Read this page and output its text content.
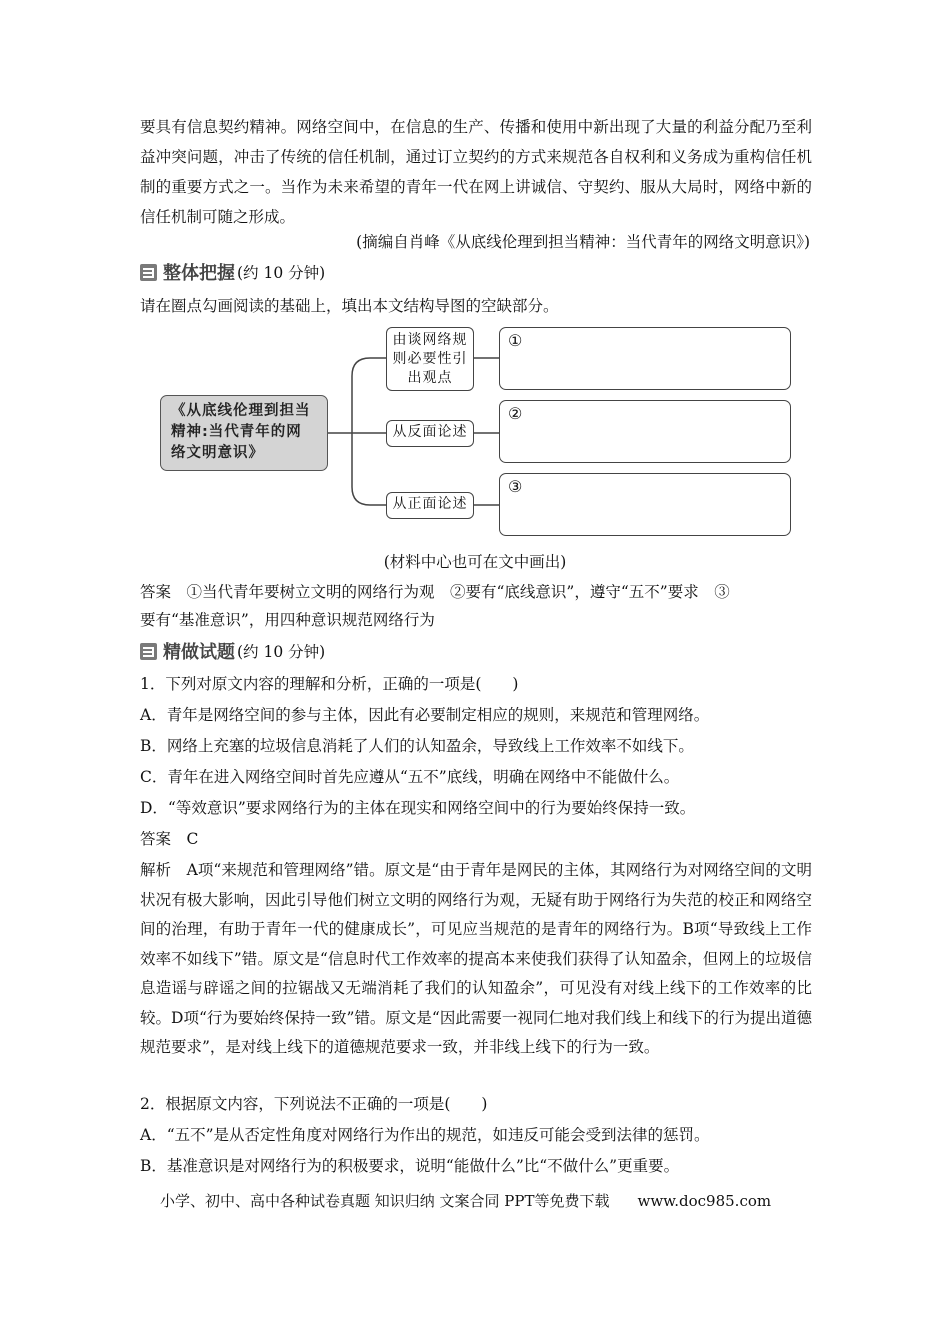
要具有信息契约精神。网络空间中，在信息的生产、传播和使用中新出现了大量的利益分配乃至利益冲突问题，冲击了传统的信任机制，通过订立契约的方式来规范各自权利和义务成为重构信任机制的重要方式之一。当作为未来希望的青年一代在网上讲诚信、守契约、服从大局时，网络中新的信任机制可随之形成。
(摘编自肖峰《从底线伦理到担当精神：当代青年的网络文明意识》)
整体把握 (约 10 分钟)
请在圈点勾画阅读的基础上，填出本文结构导图的空缺部分。
《从底线伦理到担当精神:当代青年的网络文明意识》
由谈网络规则必要性引出观点
从反面论述
从正面论述
①
②
③
(材料中心也可在文中画出)
答案　①当代青年要树立文明的网络行为观　②要有“底线意识”，遵守“五不”要求　③
要有“基准意识”，用四种意识规范网络行为
精做试题 (约 10 分钟)
1．下列对原文内容的理解和分析，正确的一项是(　　)
A．青年是网络空间的参与主体，因此有必要制定相应的规则，来规范和管理网络。
B．网络上充塞的垃圾信息消耗了人们的认知盈余，导致线上工作效率不如线下。
C．青年在进入网络空间时首先应遵从“五不”底线，明确在网络中不能做什么。
D．“等效意识”要求网络行为的主体在现实和网络空间中的行为要始终保持一致。
答案　C
解析　A项“来规范和管理网络”错。原文是“由于青年是网民的主体，其网络行为对网络空间的文明状况有极大影响，因此引导他们树立文明的网络行为观，无疑有助于网络行为失范的校正和网络空间的治理，有助于青年一代的健康成长”，可见应当规范的是青年的网络行为。B项“导致线上工作效率不如线下”错。原文是“信息时代工作效率的提高本来使我们获得了认知盈余，但网上的垃圾信息造谣与辟谣之间的拉锯战又无端消耗了我们的认知盈余”，可见没有对线上线下的工作效率的比较。D项“行为要始终保持一致”错。原文是“因此需要一视同仁地对我们线上和线下的行为提出道德规范要求”，是对线上线下的道德规范要求一致，并非线上线下的行为一致。
2．根据原文内容，下列说法不正确的一项是(　　)
A．“五不”是从否定性角度对网络行为作出的规范，如违反可能会受到法律的惩罚。
B．基准意识是对网络行为的积极要求，说明“能做什么”比“不做什么”更重要。
小学、初中、高中各种试卷真题 知识归纳 文案合同 PPT等免费下载 www.doc985.com
